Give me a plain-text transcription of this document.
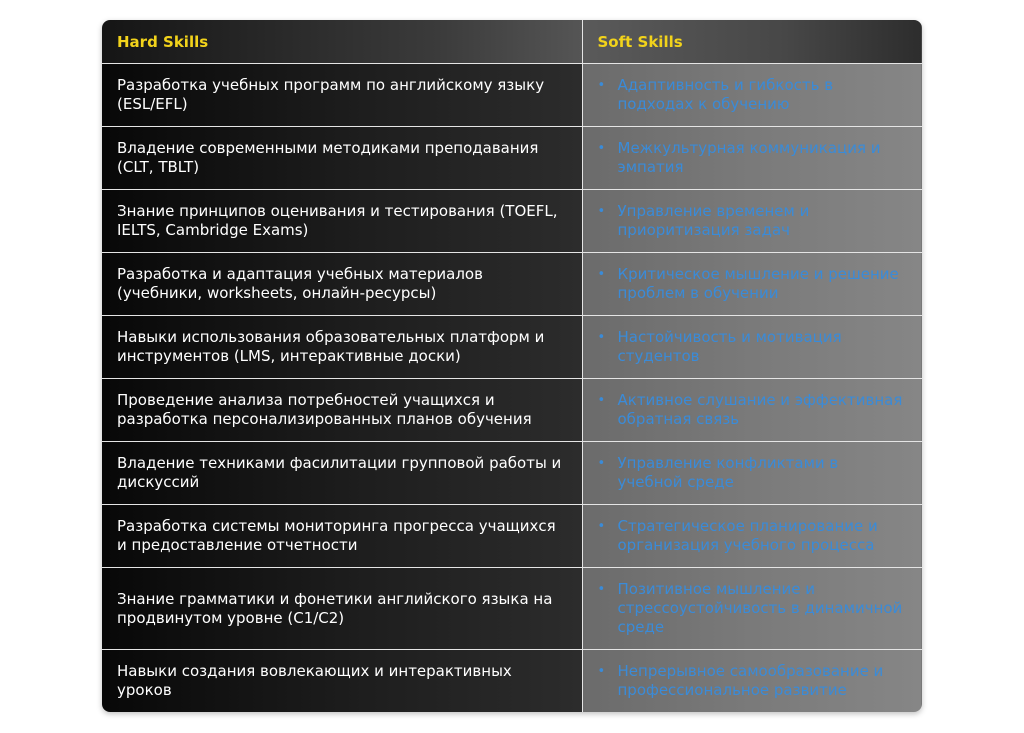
Hard Skills	Soft Skills
Разработка учебных программ по английскому языку (ESL/EFL)	• Адаптивность и гибкость в подходах к обучению

Владение современными методиками преподавания (CLT, TBLT)	• Межкультурная коммуникация и эмпатия

Знание принципов оценивания и тестирования (TOEFL, IELTS, Cambridge Exams)	• Управление временем и приоритизация задач

Разработка и адаптация учебных материалов (учебники, worksheets, онлайн-ресурсы)	• Критическое мышление и решение проблем в обучении

Навыки использования образовательных платформ и инструментов (LMS, интерактивные доски)	• Настойчивость и мотивация студентов

Проведение анализа потребностей учащихся и разработка персонализированных планов обучения	• Активное слушание и эффективная обратная связь

Владение техниками фасилитации групповой работы и дискуссий	• Управление конфликтами в учебной среде

Разработка системы мониторинга прогресса учащихся и предоставление отчетности	• Стратегическое планирование и организация учебного процесса

Знание грамматики и фонетики английского языка на продвинутом уровне (C1/C2)	• Позитивное мышление и стрессоустойчивость в динамичной среде

Навыки создания вовлекающих и интерактивных уроков	• Непрерывное самообразование и профессиональное развитие
